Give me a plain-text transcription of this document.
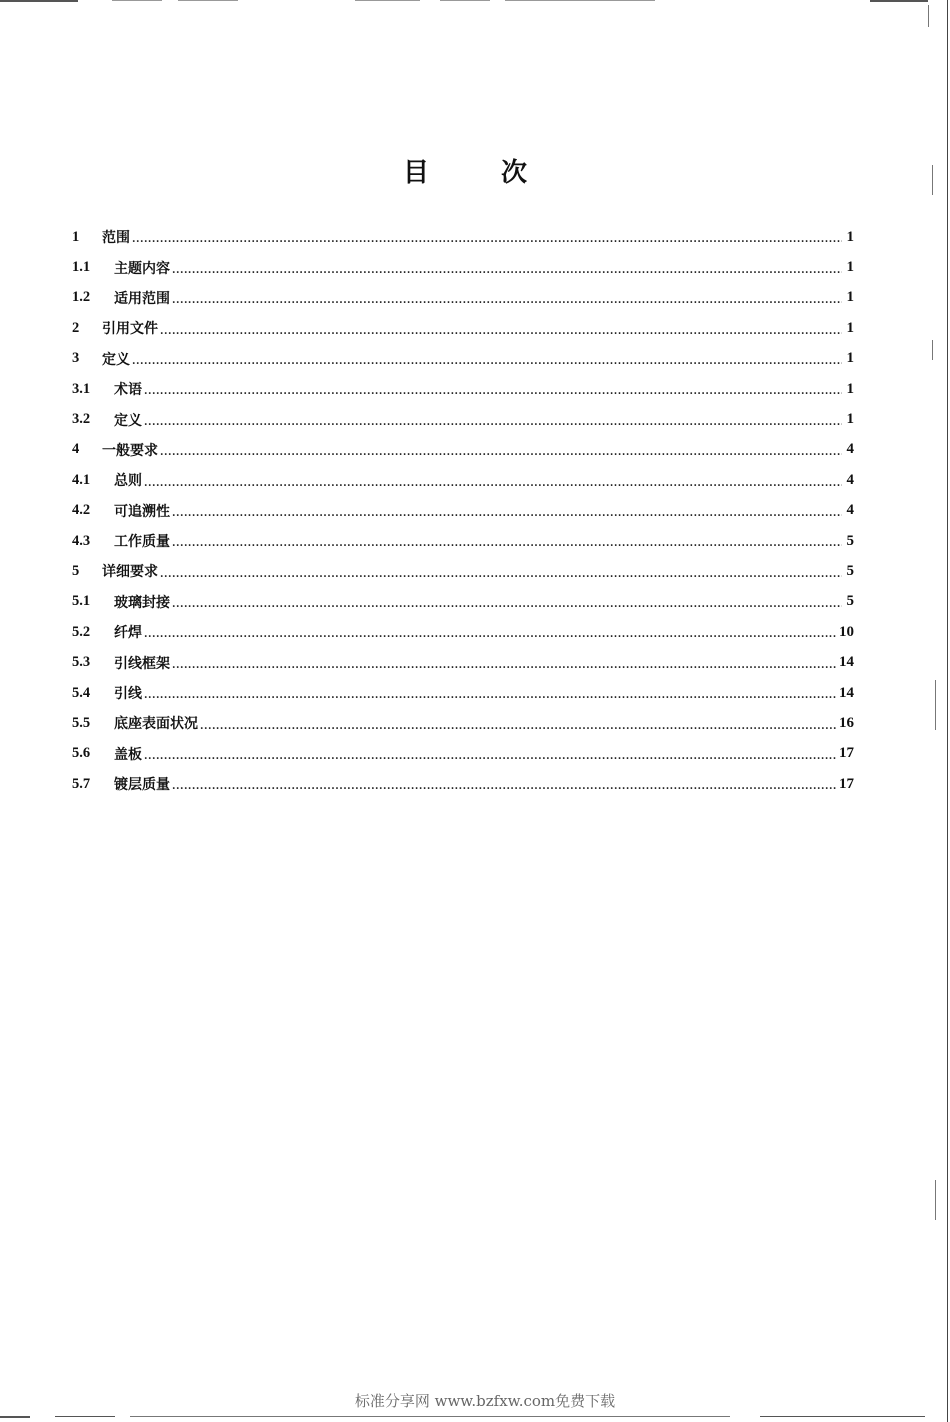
目	次
1	范围 .....	1
1.1	主题内容 .....	1
1.2	适用范围 .....	1
2	引用文件 .....	1
3	定义 .....	1
3.1	术语 .....	1
3.2	定义 .....	1
4	一般要求 .....	4
4.1	总则 .....	4
4.2	可追溯性 .....	4
4.3	工作质量 .....	5
5	详细要求 .....	5
5.1	玻璃封接 .....	5
5.2	纤焊 .....	10
5.3	引线框架 .....	14
5.4	引线 .....	14
5.5	底座表面状况 .....	16
5.6	盖板 .....	17
5.7	镀层质量 .....	17
标准分享网 www.bzfxw.com免费下载
